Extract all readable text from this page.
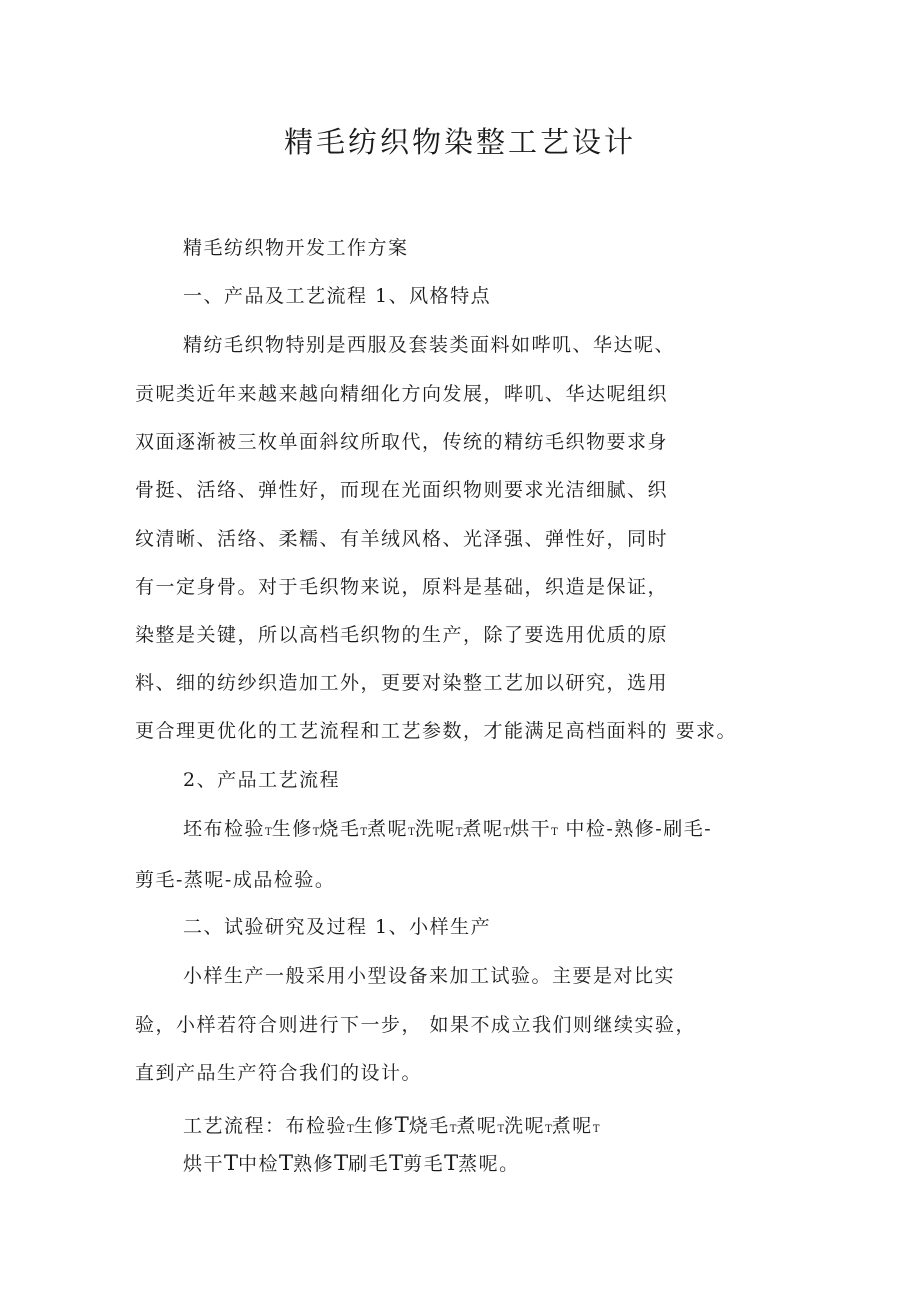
精毛纺织物染整工艺设计
精毛纺织物开发工作方案
一、产品及工艺流程 1、风格特点
精纺毛织物特别是西服及套装类面料如哔叽、华达呢、
贡呢类近年来越来越向精细化方向发展，哔叽、华达呢组织
双面逐渐被三枚单面斜纹所取代，传统的精纺毛织物要求身
骨挺、活络、弹性好，而现在光面织物则要求光洁细腻、织
纹清晰、活络、柔糯、有羊绒风格、光泽强、弹性好，同时
有一定身骨。对于毛织物来说，原料是基础，织造是保证，
染整是关键，所以高档毛织物的生产，除了要选用优质的原
料、细的纺纱织造加工外，更要对染整工艺加以研究，选用
更合理更优化的工艺流程和工艺参数，才能满足高档面料的 要求。
2、产品工艺流程
坯布检验T生修T烧毛T煮呢T洗呢T煮呢T烘干T 中检-熟修-刷毛-
剪毛-蒸呢-成品检验。
二、试验研究及过程 1、小样生产
小样生产一般采用小型设备来加工试验。主要是对比实
验，小样若符合则进行下一步， 如果不成立我们则继续实验，
直到产品生产符合我们的设计。
工艺流程：布检验T生修T烧毛T煮呢T洗呢T煮呢T
烘干T中检T熟修T刷毛T剪毛T蒸呢。
